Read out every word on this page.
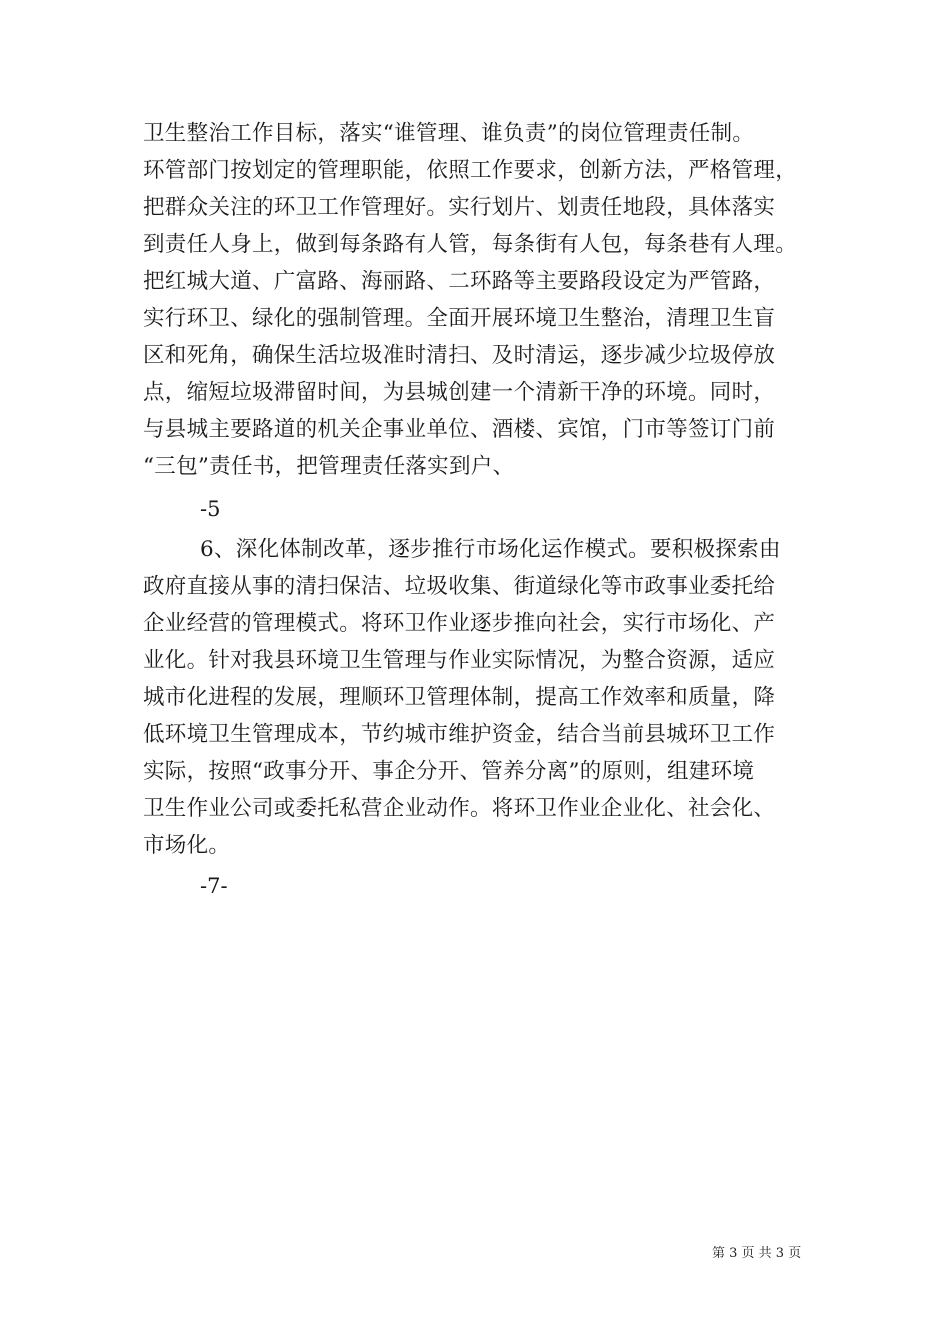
卫生整治工作目标，落实“谁管理、谁负责”的岗位管理责任制。
环管部门按划定的管理职能，依照工作要求，创新方法，严格管理，
把群众关注的环卫工作管理好。实行划片、划责任地段，具体落实
到责任人身上，做到每条路有人管，每条街有人包，每条巷有人理。
把红城大道、广富路、海丽路、二环路等主要路段设定为严管路，
实行环卫、绿化的强制管理。全面开展环境卫生整治，清理卫生盲
区和死角，确保生活垃圾准时清扫、及时清运，逐步减少垃圾停放
点，缩短垃圾滞留时间，为县城创建一个清新干净的环境。同时，
与县城主要路道的机关企事业单位、酒楼、宾馆，门市等签订门前
“三包”责任书，把管理责任落实到户、
-5
6、深化体制改革，逐步推行市场化运作模式。要积极探索由
政府直接从事的清扫保洁、垃圾收集、街道绿化等市政事业委托给
企业经营的管理模式。将环卫作业逐步推向社会，实行市场化、产
业化。针对我县环境卫生管理与作业实际情况，为整合资源，适应
城市化进程的发展，理顺环卫管理体制，提高工作效率和质量，降
低环境卫生管理成本，节约城市维护资金，结合当前县城环卫工作
实际，按照“政事分开、事企分开、管养分离”的原则，组建环境
卫生作业公司或委托私营企业动作。将环卫作业企业化、社会化、
市场化。
-7-
第 3 页 共 3 页
